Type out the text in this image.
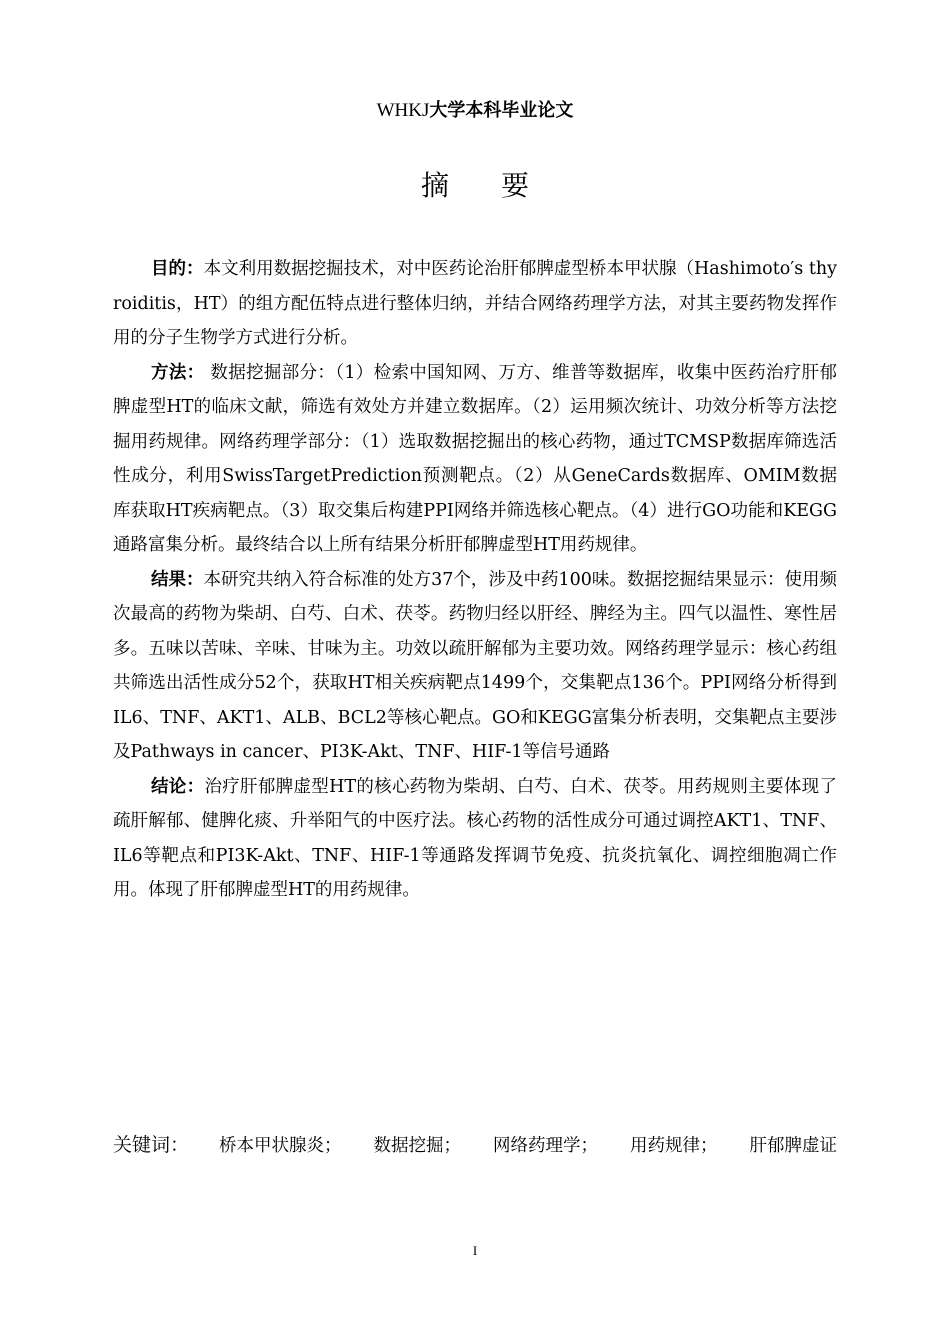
WHKJ大学本科毕业论文
摘要

目的：本文利用数据挖掘技术，对中医药论治肝郁脾虚型桥本甲状腺（Hashimoto′s thyroiditis，HT）的组方配伍特点进行整体归纳，并结合网络药理学方法，对其主要药物发挥作用的分子生物学方式进行分析。

方法： 数据挖掘部分：（1）检索中国知网、万方、维普等数据库，收集中医药治疗肝郁脾虚型HT的临床文献，筛选有效处方并建立数据库。（2）运用频次统计、功效分析等方法挖掘用药规律。网络药理学部分：（1）选取数据挖掘出的核心药物，通过TCMSP数据库筛选活性成分，利用SwissTargetPrediction预测靶点。（2）从GeneCards数据库、OMIM数据库获取HT疾病靶点。（3）取交集后构建PPI网络并筛选核心靶点。（4）进行GO功能和KEGG通路富集分析。最终结合以上所有结果分析肝郁脾虚型HT用药规律。

结果：本研究共纳入符合标准的处方37个，涉及中药100味。数据挖掘结果显示：使用频次最高的药物为柴胡、白芍、白术、茯苓。药物归经以肝经、脾经为主。四气以温性、寒性居多。五味以苦味、辛味、甘味为主。功效以疏肝解郁为主要功效。网络药理学显示：核心药组共筛选出活性成分52个，获取HT相关疾病靶点1499个，交集靶点136个。PPI网络分析得到IL6、TNF、AKT1、ALB、BCL2等核心靶点。GO和KEGG富集分析表明，交集靶点主要涉及Pathways in cancer、PI3K-Akt、TNF、HIF-1等信号通路

结论：治疗肝郁脾虚型HT的核心药物为柴胡、白芍、白术、茯苓。用药规则主要体现了疏肝解郁、健脾化痰、升举阳气的中医疗法。核心药物的活性成分可通过调控AKT1、TNF、IL6等靶点和PI3K-Akt、TNF、HIF-1等通路发挥调节免疫、抗炎抗氧化、调控细胞凋亡作用。体现了肝郁脾虚型HT的用药规律。

关键词： 桥本甲状腺炎； 数据挖掘； 网络药理学； 用药规律； 肝郁脾虚证
I
